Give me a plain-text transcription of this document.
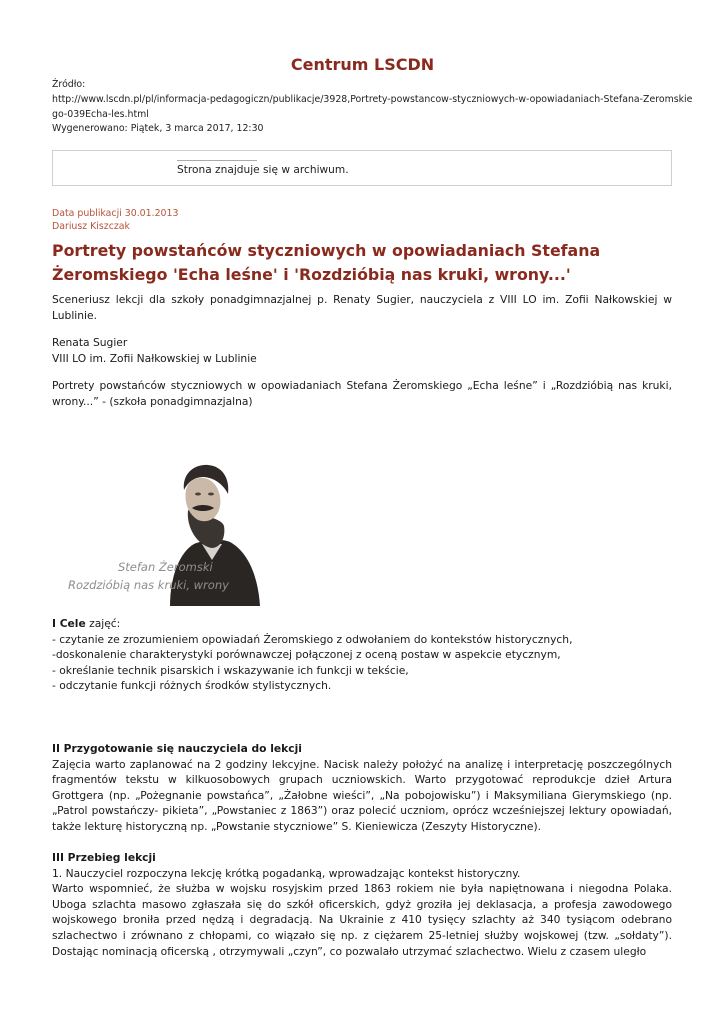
Centrum LSCDN
Źródło:
http://www.lscdn.pl/pl/informacja-pedagogiczn/publikacje/3928,Portrety-powstancow-styczniowych-w-opowiadaniach-Stefana-Zeromskie
go-039Echa-les.html
Wygenerowano: Piątek, 3 marca 2017, 12:30
Strona znajduje się w archiwum.
Data publikacji 30.01.2013
Dariusz Kiszczak
Portrety powstańców styczniowych w opowiadaniach Stefana Żeromskiego 'Echa leśne' i 'Rozdzióbią nas kruki, wrony...'

Sceneriusz lekcji dla szkoły ponadgimnazjalnej p. Renaty Sugier, nauczyciela z VIII LO im. Zofii Nałkowskiej w Lublinie.

Renata Sugier
VIII LO im. Zofii Nałkowskiej w Lublinie

Portrety powstańców styczniowych w opowiadaniach Stefana Żeromskiego „Echa leśne” i „Rozdzióbią nas kruki, wrony...” - (szkoła ponadgimnazjalna)

Stefan Żeromski
Rozdzióbią nas kruki, wrony
I Cele zajęć:
- czytanie ze zrozumieniem opowiadań Żeromskiego z odwołaniem do kontekstów historycznych,
-doskonalenie charakterystyki porównawczej połączonej z oceną postaw w aspekcie etycznym,
- określanie technik pisarskich i wskazywanie ich funkcji w tekście,
- odczytanie funkcji różnych środków stylistycznych.
II Przygotowanie się nauczyciela do lekcji
Zajęcia warto zaplanować na 2 godziny lekcyjne. Nacisk należy położyć na analizę i interpretację poszczególnych fragmentów tekstu w kilkuosobowych grupach uczniowskich. Warto przygotować reprodukcje dzieł Artura Grottgera (np. „Pożegnanie powstańca”, „Żałobne wieści”, „Na pobojowisku”) i Maksymiliana Gierymskiego (np. „Patrol powstańczy- pikieta”, „Powstaniec z 1863”) oraz polecić uczniom, oprócz wcześniejszej lektury opowiadań, także lekturę historyczną np. „Powstanie styczniowe” S. Kieniewicza (Zeszyty Historyczne).
III Przebieg lekcji
1. Nauczyciel rozpoczyna lekcję krótką pogadanką, wprowadzając kontekst historyczny.
Warto wspomnieć, że służba w wojsku rosyjskim przed 1863 rokiem nie była napiętnowana i niegodna Polaka. Uboga szlachta masowo zgłaszała się do szkół oficerskich, gdyż groziła jej deklasacja, a profesja zawodowego wojskowego broniła przed nędzą i degradacją. Na Ukrainie z 410 tysięcy szlachty aż 340 tysiącom odebrano szlachectwo i zrównano z chłopami, co wiązało się np. z ciężarem 25-letniej służby wojskowej (tzw. „sołdaty”). Dostając nominacją oficerską , otrzymywali „czyn”, co pozwalało utrzymać szlachectwo. Wielu z czasem uległo
